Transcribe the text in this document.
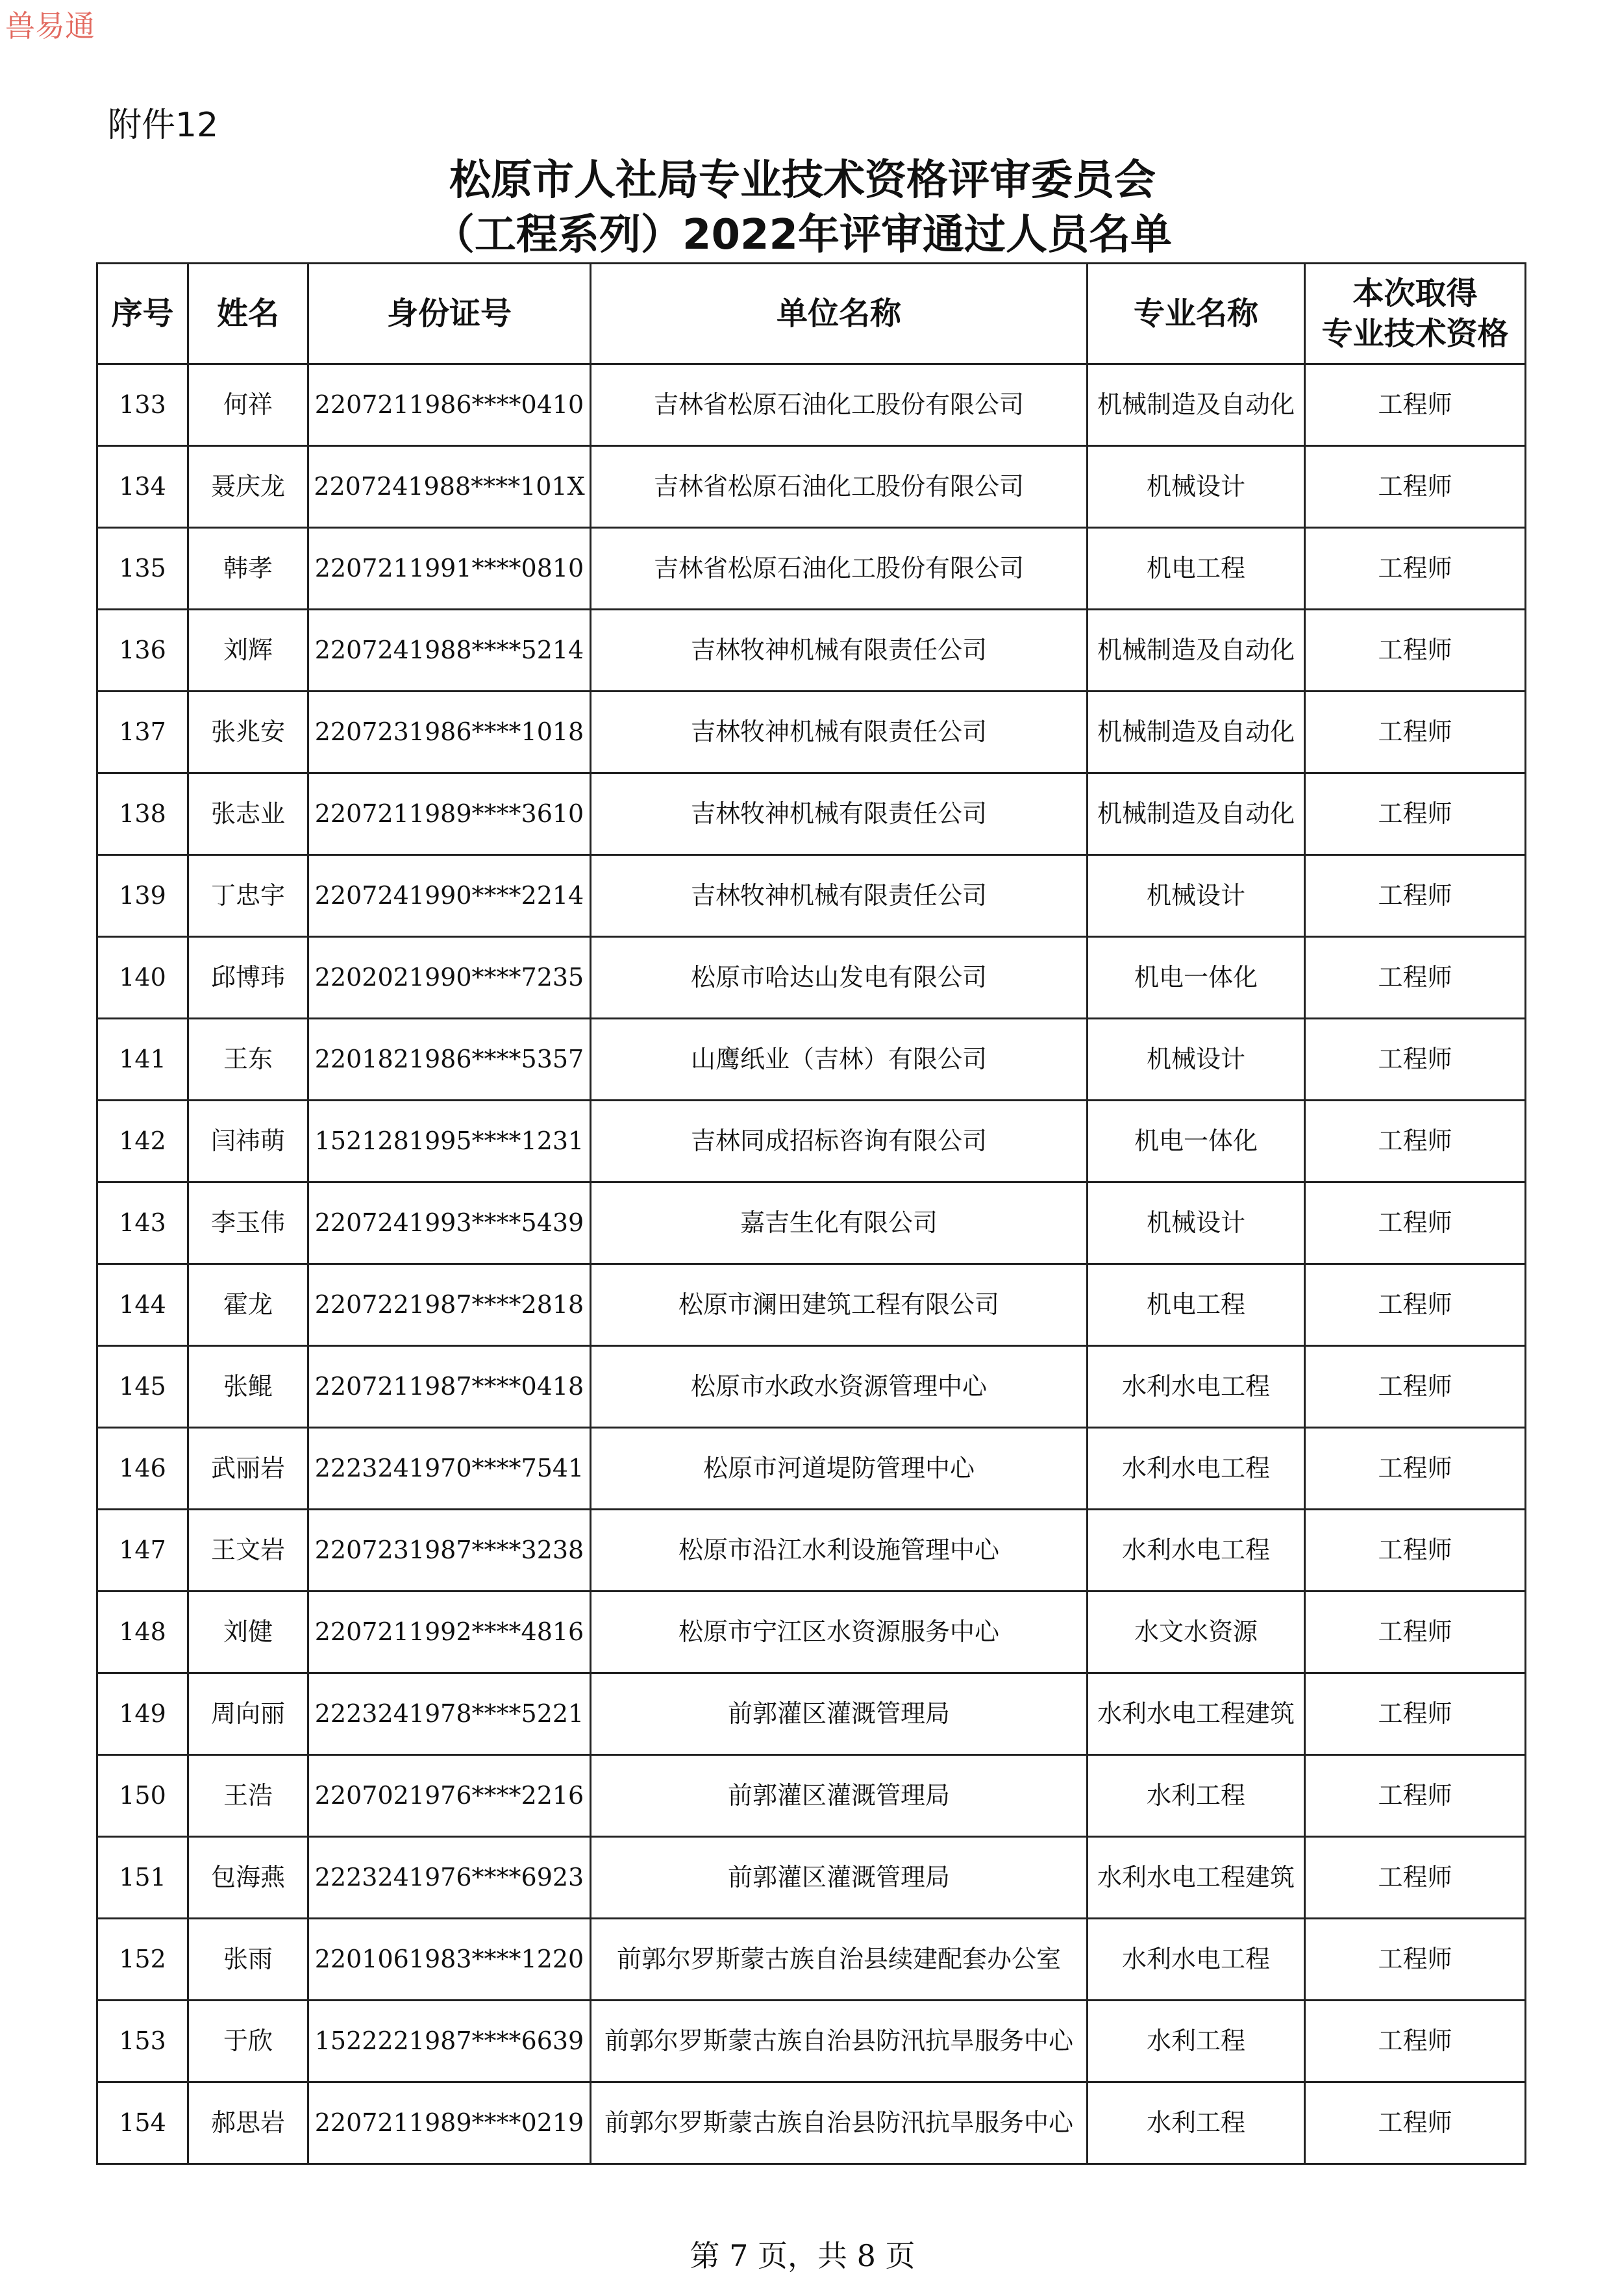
兽易通
附件12
松原市人社局专业技术资格评审委员会
（工程系列）2022年评审通过人员名单
序号	姓名	身份证号	单位名称	专业名称	本次取得
专业技术资格
133	何祥	2207211986****0410	吉林省松原石油化工股份有限公司	机械制造及自动化	工程师
134	聂庆龙	2207241988****101X	吉林省松原石油化工股份有限公司	机械设计	工程师
135	韩孝	2207211991****0810	吉林省松原石油化工股份有限公司	机电工程	工程师
136	刘辉	2207241988****5214	吉林牧神机械有限责任公司	机械制造及自动化	工程师
137	张兆安	2207231986****1018	吉林牧神机械有限责任公司	机械制造及自动化	工程师
138	张志业	2207211989****3610	吉林牧神机械有限责任公司	机械制造及自动化	工程师
139	丁忠宇	2207241990****2214	吉林牧神机械有限责任公司	机械设计	工程师
140	邱博玮	2202021990****7235	松原市哈达山发电有限公司	机电一体化	工程师
141	王东	2201821986****5357	山鹰纸业（吉林）有限公司	机械设计	工程师
142	闫祎萌	1521281995****1231	吉林同成招标咨询有限公司	机电一体化	工程师
143	李玉伟	2207241993****5439	嘉吉生化有限公司	机械设计	工程师
144	霍龙	2207221987****2818	松原市澜田建筑工程有限公司	机电工程	工程师
145	张鲲	2207211987****0418	松原市水政水资源管理中心	水利水电工程	工程师
146	武丽岩	2223241970****7541	松原市河道堤防管理中心	水利水电工程	工程师
147	王文岩	2207231987****3238	松原市沿江水利设施管理中心	水利水电工程	工程师
148	刘健	2207211992****4816	松原市宁江区水资源服务中心	水文水资源	工程师
149	周向丽	2223241978****5221	前郭灌区灌溉管理局	水利水电工程建筑	工程师
150	王浩	2207021976****2216	前郭灌区灌溉管理局	水利工程	工程师
151	包海燕	2223241976****6923	前郭灌区灌溉管理局	水利水电工程建筑	工程师
152	张雨	2201061983****1220	前郭尔罗斯蒙古族自治县续建配套办公室	水利水电工程	工程师
153	于欣	1522221987****6639	前郭尔罗斯蒙古族自治县防汛抗旱服务中心	水利工程	工程师
154	郝思岩	2207211989****0219	前郭尔罗斯蒙古族自治县防汛抗旱服务中心	水利工程	工程师
第 7 页，共 8 页
